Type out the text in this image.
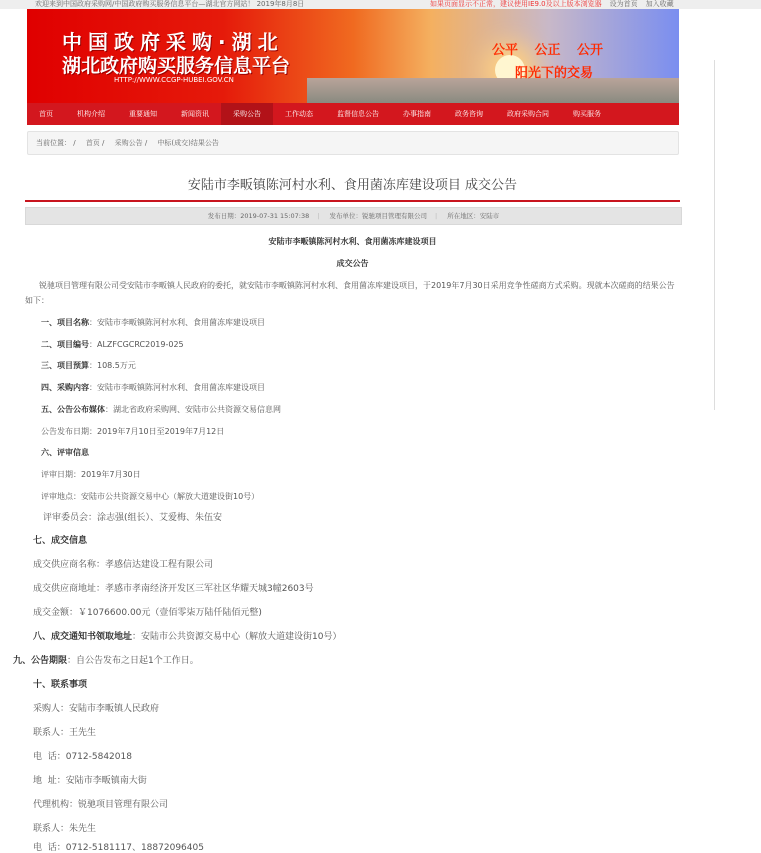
欢迎来到中国政府采购网/中国政府购买服务信息平台—湖北官方网站！ 2019年8月8日	如果页面显示不正常，建议使用IE9.0及以上版本浏览器 设为首页 加入收藏
中国政府采购·湖北
湖北政府购买服务信息平台
HTTP://WWW.CCGP-HUBEI.GOV.CN
公平 公正 公开
阳光下的交易
首页	机构介绍	重要通知	新闻资讯	采购公告	工作动态	监督信息公告	办事指南	政务咨询	政府采购合同	购买服务
当前位置： / 首页 / 采购公告 / 中标(成交)结果公告
安陆市李畈镇陈河村水利、食用菌冻库建设项目 成交公告
发布日期：2019-07-31 15:07:38 | 发布单位：锐驰项目管理有限公司 | 所在地区：安陆市
安陆市李畈镇陈河村水利、食用菌冻库建设项目
成交公告
锐驰项目管理有限公司受安陆市李畈镇人民政府的委托，就安陆市李畈镇陈河村水利、食用菌冻库建设项目，于2019年7月30日采用竞争性磋商方式采购。现就本次磋商的结果公告如下：
一、项目名称：安陆市李畈镇陈河村水利、食用菌冻库建设项目
二、项目编号：ALZFCGCRC2019-025
三、项目预算：108.5万元
四、采购内容：安陆市李畈镇陈河村水利、食用菌冻库建设项目
五、公告公布媒体：湖北省政府采购网、安陆市公共资源交易信息网
公告发布日期：2019年7月10日至2019年7月12日
六、评审信息
评审日期：2019年7月30日
评审地点：安陆市公共资源交易中心（解放大道建设街10号）
评审委员会：涂志强(组长）、艾爱梅、朱伍安
七、成交信息
成交供应商名称：孝感信达建设工程有限公司
成交供应商地址：孝感市孝南经济开发区三军社区华耀天城3幢2603号
成交金额：￥1076600.00元（壹佰零柒万陆仟陆佰元整)
八、成交通知书领取地址：安陆市公共资源交易中心（解放大道建设街10号）
九、公告期限：自公告发布之日起1个工作日。
十、联系事项
采购人：安陆市李畈镇人民政府
联系人：王先生
电  话：0712-5842018
地  址：安陆市李畈镇南大街
代理机构：锐驰项目管理有限公司
联系人：朱先生
电  话：0712-5181117、18872096405
